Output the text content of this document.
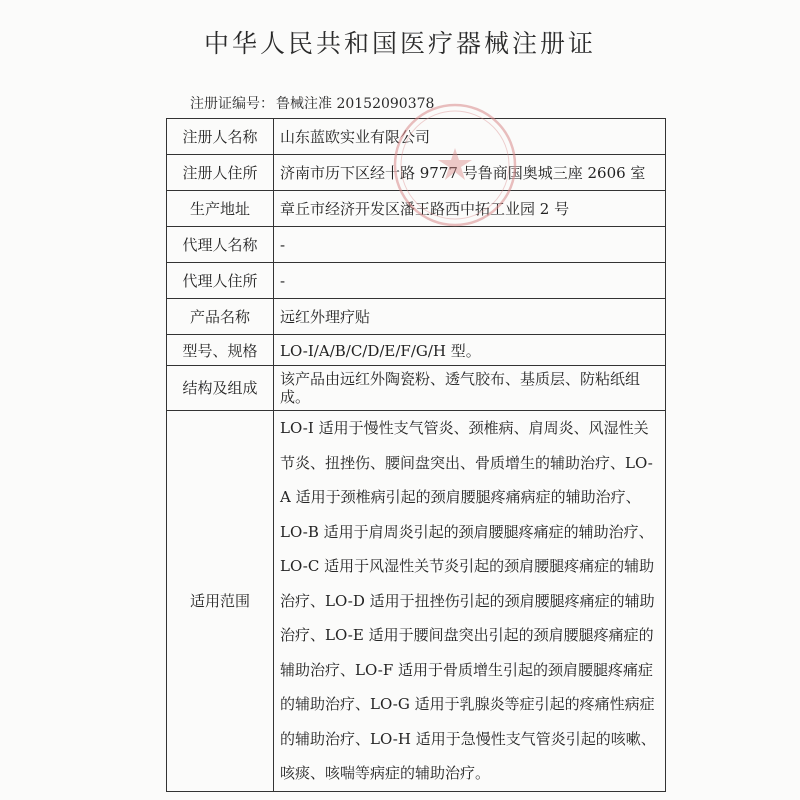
中华人民共和国医疗器械注册证
注册证编号： 鲁械注准 20152090378
注册人名称	山东蓝欧实业有限公司
注册人住所	济南市历下区经十路 9777 号鲁商国奥城三座 2606 室
生产地址	章丘市经济开发区潘王路西中拓工业园 2 号
代理人名称	-
代理人住所	-
产品名称	远红外理疗贴
型号、规格	LO-I/A/B/C/D/E/F/G/H 型。
结构及组成	该产品由远红外陶瓷粉、透气胶布、基质层、防粘纸组成。
适用范围	LO-I 适用于慢性支气管炎、颈椎病、肩周炎、风湿性关节炎、扭挫伤、腰间盘突出、骨质增生的辅助治疗、LO-A 适用于颈椎病引起的颈肩腰腿疼痛病症的辅助治疗、LO-B 适用于肩周炎引起的颈肩腰腿疼痛症的辅助治疗、LO-C 适用于风湿性关节炎引起的颈肩腰腿疼痛症的辅助治疗、LO-D 适用于扭挫伤引起的颈肩腰腿疼痛症的辅助治疗、LO-E 适用于腰间盘突出引起的颈肩腰腿疼痛症的辅助治疗、LO-F 适用于骨质增生引起的颈肩腰腿疼痛症的辅助治疗、LO-G 适用于乳腺炎等症引起的疼痛性病症的辅助治疗、LO-H 适用于急慢性支气管炎引起的咳嗽、咳痰、咳喘等病症的辅助治疗。
